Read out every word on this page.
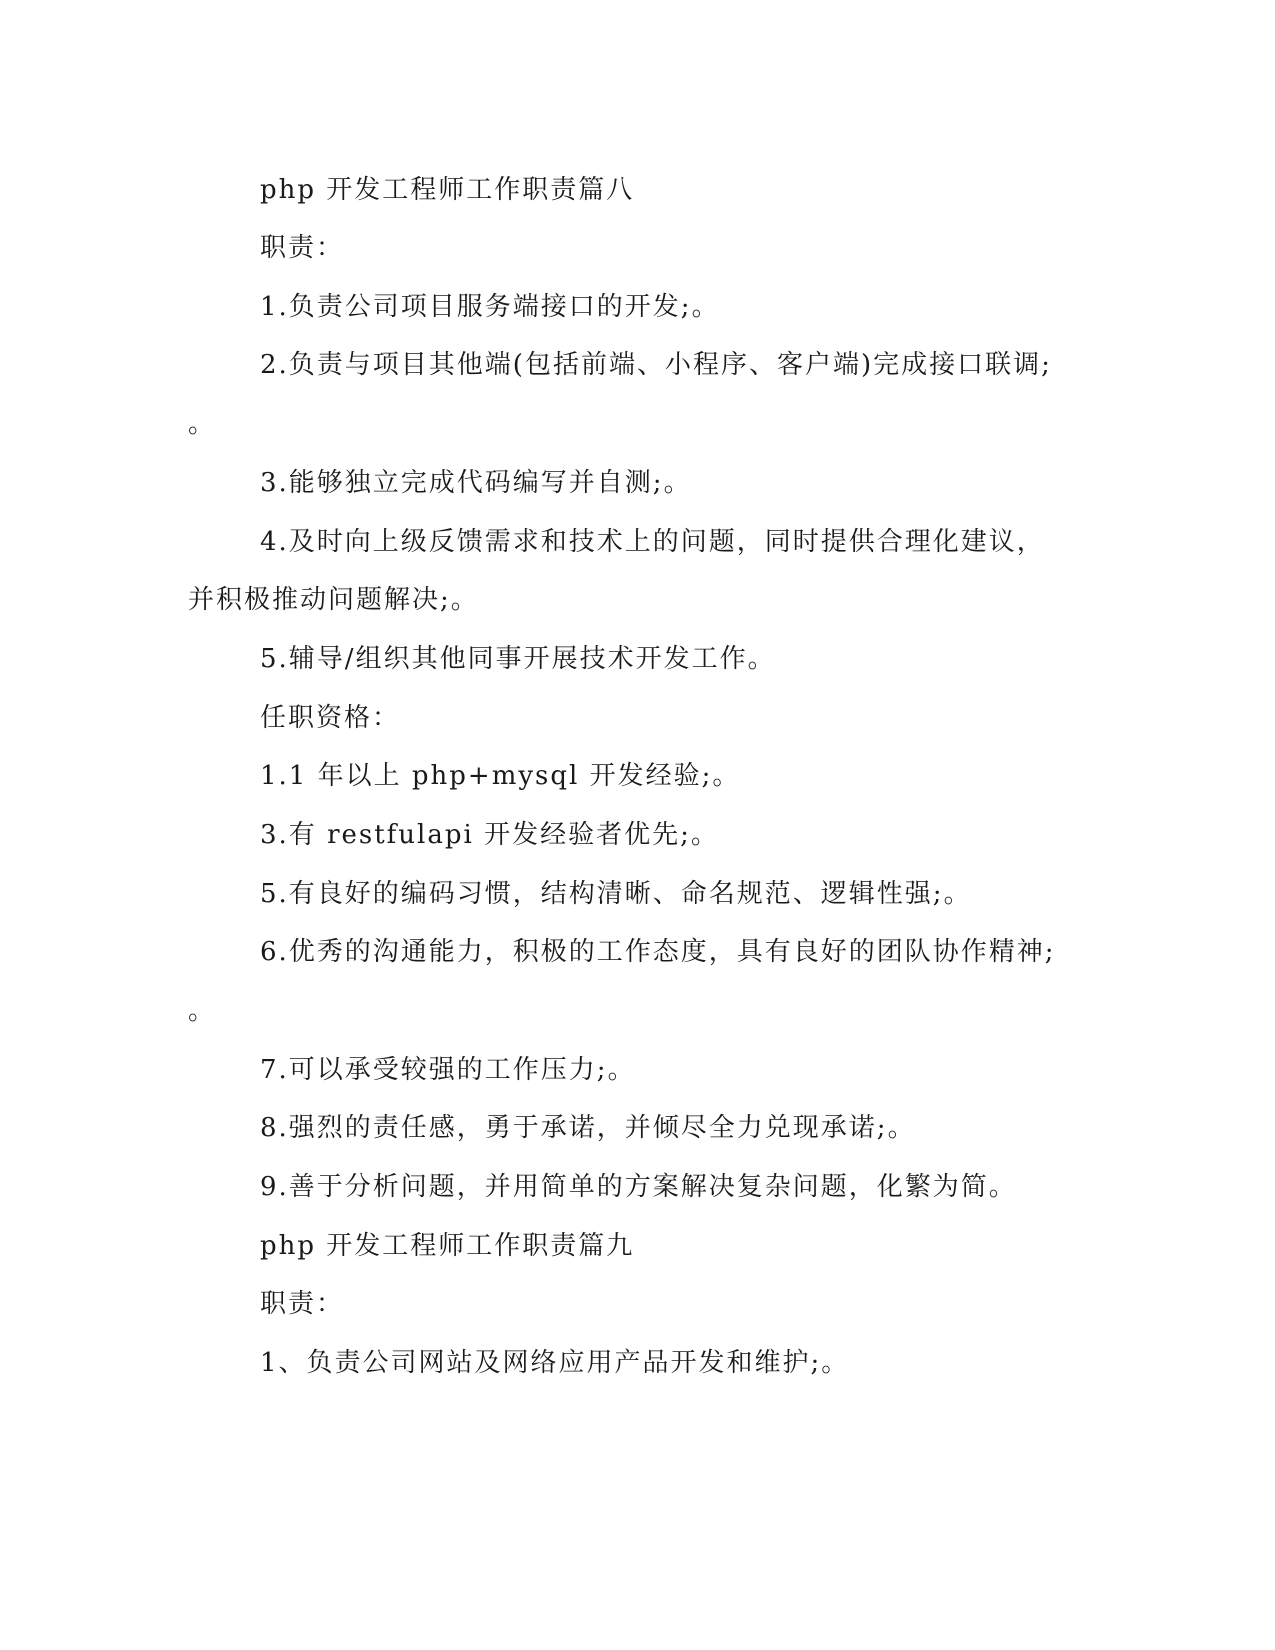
php 开发工程师工作职责篇八
职责：
1.负责公司项目服务端接口的开发;。
2.负责与项目其他端(包括前端、小程序、客户端)完成接口联调;
。
3.能够独立完成代码编写并自测;。
4.及时向上级反馈需求和技术上的问题，同时提供合理化建议，
并积极推动问题解决;。
5.辅导/组织其他同事开展技术开发工作。
任职资格：
1.1 年以上 php+mysql 开发经验;。
3.有 restfulapi 开发经验者优先;。
5.有良好的编码习惯，结构清晰、命名规范、逻辑性强;。
6.优秀的沟通能力，积极的工作态度，具有良好的团队协作精神;
。
7.可以承受较强的工作压力;。
8.强烈的责任感，勇于承诺，并倾尽全力兑现承诺;。
9.善于分析问题，并用简单的方案解决复杂问题，化繁为简。
php 开发工程师工作职责篇九
职责：
1、负责公司网站及网络应用产品开发和维护;。
